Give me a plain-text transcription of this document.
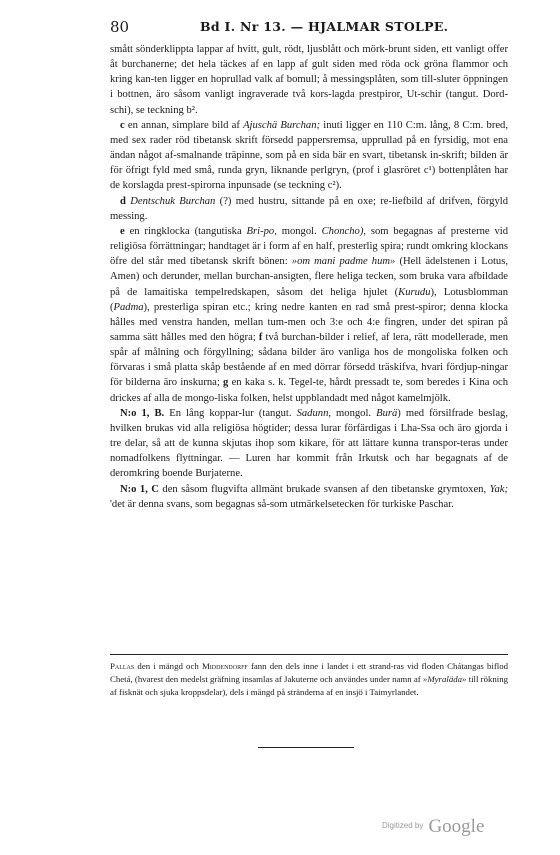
80	Bd I. Nr 13. — HJALMAR STOLPE.

smått sönderklippta lappar af hvitt, gult, rödt, ljusblått och mörk-brunt siden, ett vanligt offer åt burchanerne; det hela täckes af en lapp af gult siden med röda ock gröna flammor och kring kan-ten ligger en hoprullad valk af bomull; å messingsplåten, som till-sluter öppningen i bottnen, äro såsom vanligt ingraverade två kors-lagda prestpiror, Ut-schir (tangut. Dord-schi), se teckning b².

c en annan, simplare bild af Ajuschä Burchan; inuti ligger en 110 C:m. lång, 8 C:m. bred, med sex rader röd tibetansk skrift försedd pappersremsa, upprullad på en fyrsidig, mot ena ändan något af-smalnande träpinne, som på en sida bär en svart, tibetansk in-skrift; bilden är för öfrigt fyld med små, runda gryn, liknande perlgryn, (prof i glasröret c¹) bottenplåten har de korslagda prest-spirorna inpunsade (se teckning c²).

d Dentschuk Burchan (?) med hustru, sittande på en oxe; re-liefbild af drifven, förgyld messing.

e en ringklocka (tangutiska Bri-po, mongol. Choncho), som begagnas af presterne vid religiösa förrättningar; handtaget är i form af en half, presterlig spira; rundt omkring klockans öfre del står med tibetansk skrift bönen: »om mani padme hum» (Hell ädelstenen i Lotus, Amen) och derunder, mellan burchan-ansigten, flere heliga tecken, som bruka vara afbildade på de lamaitiska tempelredskapen, såsom det heliga hjulet (Kurudu), Lotusblomman (Padma), presterliga spiran etc.; kring nedre kanten en rad små prest-spiror; denna klocka hålles med venstra handen, mellan tum-men och 3:e och 4:e fingren, under det spiran på samma sätt hålles med den högra; f två burchan-bilder i relief, af lera, rätt modellerade, men spår af målning och förgyllning; sådana bilder äro vanliga hos de mongoliska folken och förvaras i små platta skåp bestående af en med dörrar försedd träskifva, hvari fördjup-ningar för bilderna äro inskurna; g en kaka s. k. Tegel-te, hårdt pressadt te, som beredes i Kina och drickes af alla de mongo-liska folken, helst uppblandadt med något kamelmjölk.

N:o 1, B. En lång koppar-lur (tangut. Sadunn, mongol. Burä) med försilfrade beslag, hvilken brukas vid alla religiösa högtider; dessa lurar förfärdigas i Lha-Ssa och äro gjorda i tre delar, så att de kunna skjutas ihop som kikare, för att lättare kunna transpor-teras under nomadfolkens flyttningar. — Luren har kommit från Irkutsk och har begagnats af de deromkring boende Burjaterne.

N:o 1, C den såsom flugvifta allmänt brukade svansen af den tibetanske grymtoxen, Yak; 'det är denna svans, som begagnas så-som utmärkelsetecken för turkiske Paschar.

Pallas den i mängd och Middendorff fann den dels inne i landet i ett strand-ras vid floden Chátangas biflod Chetá, (hvarest den medelst gräfning insamlas af Jakuterne och användes under namn af »Myraläda» till rökning af fisknät och sjuka kroppsdelar), dels i mängd på stränderna af en insjö i Taimyrlandet.
$^{Digitized by}$ Google
